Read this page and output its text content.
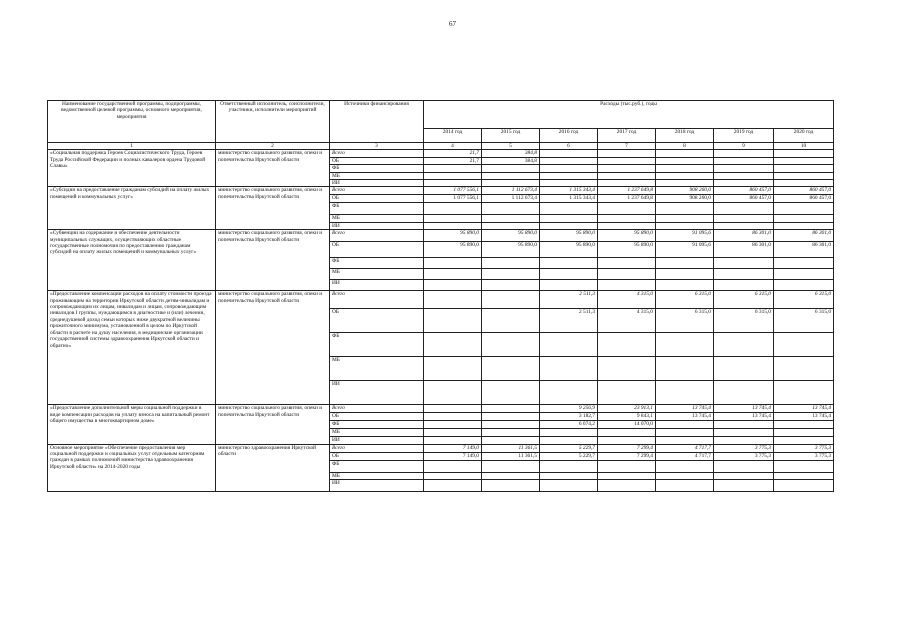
67
Наименование государственной программы, подпрограммы, ведомственной целевой программы, основного мероприятия, мероприятия	Ответственный исполнитель, соисполнители, участники, исполнители мероприятий	Источники финансирования	Расходы (тыс.руб.), годы						
			2014 год	2015 год	2016 год	2017 год	2018 год	2019 год	2020 год
1	2	3	4	5	6	7	8	9	10
«Социальная поддержка Героев Социалистического Труда, Героев Труда Российской Федерации и полных кавалеров ордена Трудовой Славы»	министерство социального развития, опеки и попечительства Иркутской области	Всего	21,7	384,8					
		ОБ	21,7	384,8					
		ФБ							
		МБ							
		ИИ							
«Субсидии на предоставление гражданам субсидий на оплату жилых помещений и коммунальных услуг»	министерство социального развития, опеки и попечительства Иркутской области	Всего	1 077 556,1	1 112 673,4	1 315 343,4	1 237 649,8	908 260,0	860 457,0	860 457,0
		ОБ	1 077 556,1	1 112 673,4	1 315 343,4	1 237 649,8	908 260,0	860 457,0	860 457,0
		ФБ							
		МБ							
		ИИ							
«Субвенции на содержание и обеспечение деятельности муниципальных служащих, осуществляющих областные государственные полномочия по предоставлению гражданам субсидий на оплату жилых помещений и коммунальных услуг»	министерство социального развития, опеки и попечительства Иркутской области	Всего	95 890,0	95 890,0	95 890,0	95 890,0	91 095,6	86 301,0	86 301,0
		ОБ	95 890,0	95 890,0	95 890,0	95 890,0	91 095,6	86 301,0	86 301,0
		ФБ							
		МБ							
		ИИ							
«Предоставление компенсации расходов на оплату стоимости проезда проживающим на территории Иркутской области детям-инвалидам и сопровождающим их лицам, инвалидам и лицам, сопровождающим инвалидов I группы, нуждающимся в диагностике и (или) лечении, среднедушевой доход семьи которых ниже двукратной величины прожиточного минимума, установленной в целом по Иркутской области в расчете на душу населения, в медицинские организации государственной системы здравоохранения Иркутской области и обратно»	министерство социального развития, опеки и попечительства Иркутской области	Всего			2 511,3	4 315,0	6 315,0	6 315,0	6 315,0
		ОБ			2 511,3	4 315,0	6 315,0	6 315,0	6 315,0
		ФБ							
		МБ							
		ИИ							
«Предоставление дополнительной меры социальной поддержки в виде компенсации расходов на уплату взноса на капитальный ремонт общего имущества в многоквартирном доме»	министерство социального развития, опеки и попечительства Иркутской области	Всего			9 256,9	23 913,1	13 745,4	13 745,4	13 745,4
		ОБ			3 182,7	9 843,1	13 745,4	13 745,4	13 745,4
		ФБ			6 074,2	14 070,0			
		МБ							
		ИИ							
Основное мероприятие «Обеспечение предоставления мер социальной поддержки и социальных услуг отдельным категориям граждан в рамках полномочий министерства здравоохранения Иркутской области» на 2014-2020 годы	министерство здравоохранения Иркутской области	Всего	7 149,0	11 361,5	5 229,7	7 299,4	4 717,7	3 775,3	3 775,3
		ОБ	7 149,0	11 361,5	5 229,7	7 299,4	4 717,7	3 775,3	3 775,3
		ФБ							
		МБ							
		ИИ							
